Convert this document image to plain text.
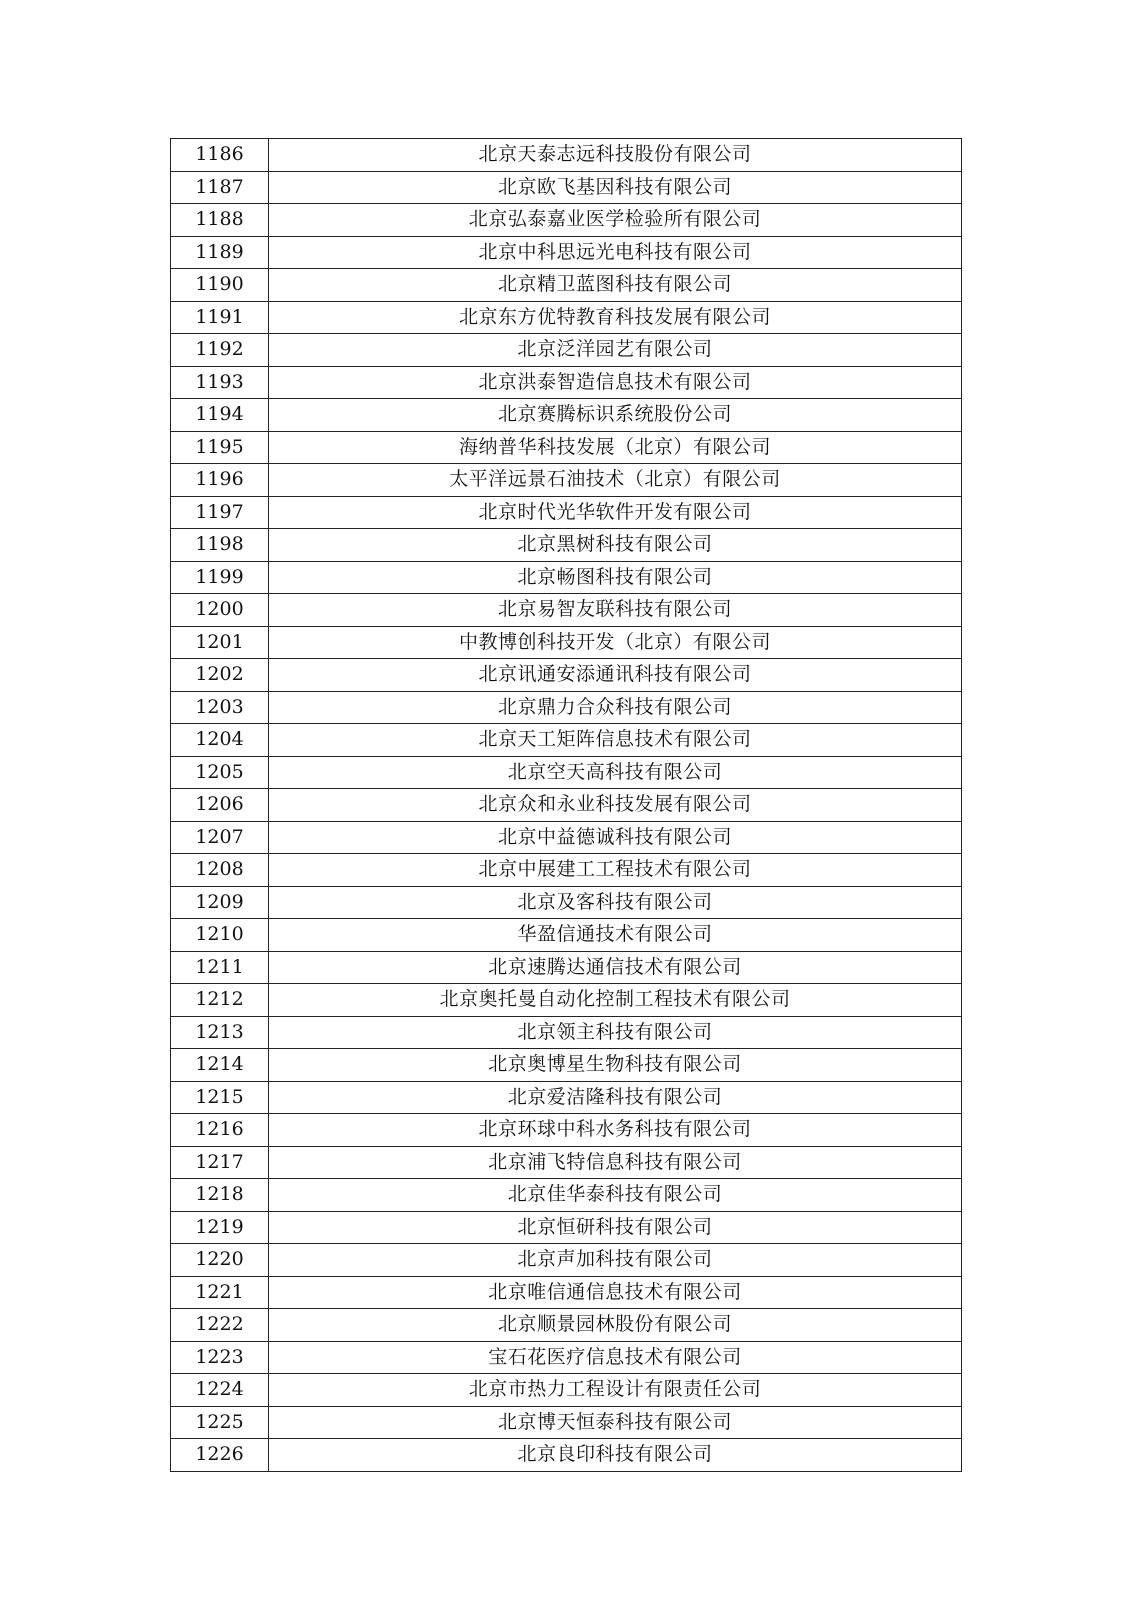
1186	北京天泰志远科技股份有限公司
1187	北京欧飞基因科技有限公司
1188	北京弘泰嘉业医学检验所有限公司
1189	北京中科思远光电科技有限公司
1190	北京精卫蓝图科技有限公司
1191	北京东方优特教育科技发展有限公司
1192	北京泛洋园艺有限公司
1193	北京洪泰智造信息技术有限公司
1194	北京赛腾标识系统股份公司
1195	海纳普华科技发展（北京）有限公司
1196	太平洋远景石油技术（北京）有限公司
1197	北京时代光华软件开发有限公司
1198	北京黑树科技有限公司
1199	北京畅图科技有限公司
1200	北京易智友联科技有限公司
1201	中教博创科技开发（北京）有限公司
1202	北京讯通安添通讯科技有限公司
1203	北京鼎力合众科技有限公司
1204	北京天工矩阵信息技术有限公司
1205	北京空天高科技有限公司
1206	北京众和永业科技发展有限公司
1207	北京中益德诚科技有限公司
1208	北京中展建工工程技术有限公司
1209	北京及客科技有限公司
1210	华盈信通技术有限公司
1211	北京速腾达通信技术有限公司
1212	北京奥托曼自动化控制工程技术有限公司
1213	北京领主科技有限公司
1214	北京奥博星生物科技有限公司
1215	北京爱洁隆科技有限公司
1216	北京环球中科水务科技有限公司
1217	北京浦飞特信息科技有限公司
1218	北京佳华泰科技有限公司
1219	北京恒研科技有限公司
1220	北京声加科技有限公司
1221	北京唯信通信息技术有限公司
1222	北京顺景园林股份有限公司
1223	宝石花医疗信息技术有限公司
1224	北京市热力工程设计有限责任公司
1225	北京博天恒泰科技有限公司
1226	北京良印科技有限公司
